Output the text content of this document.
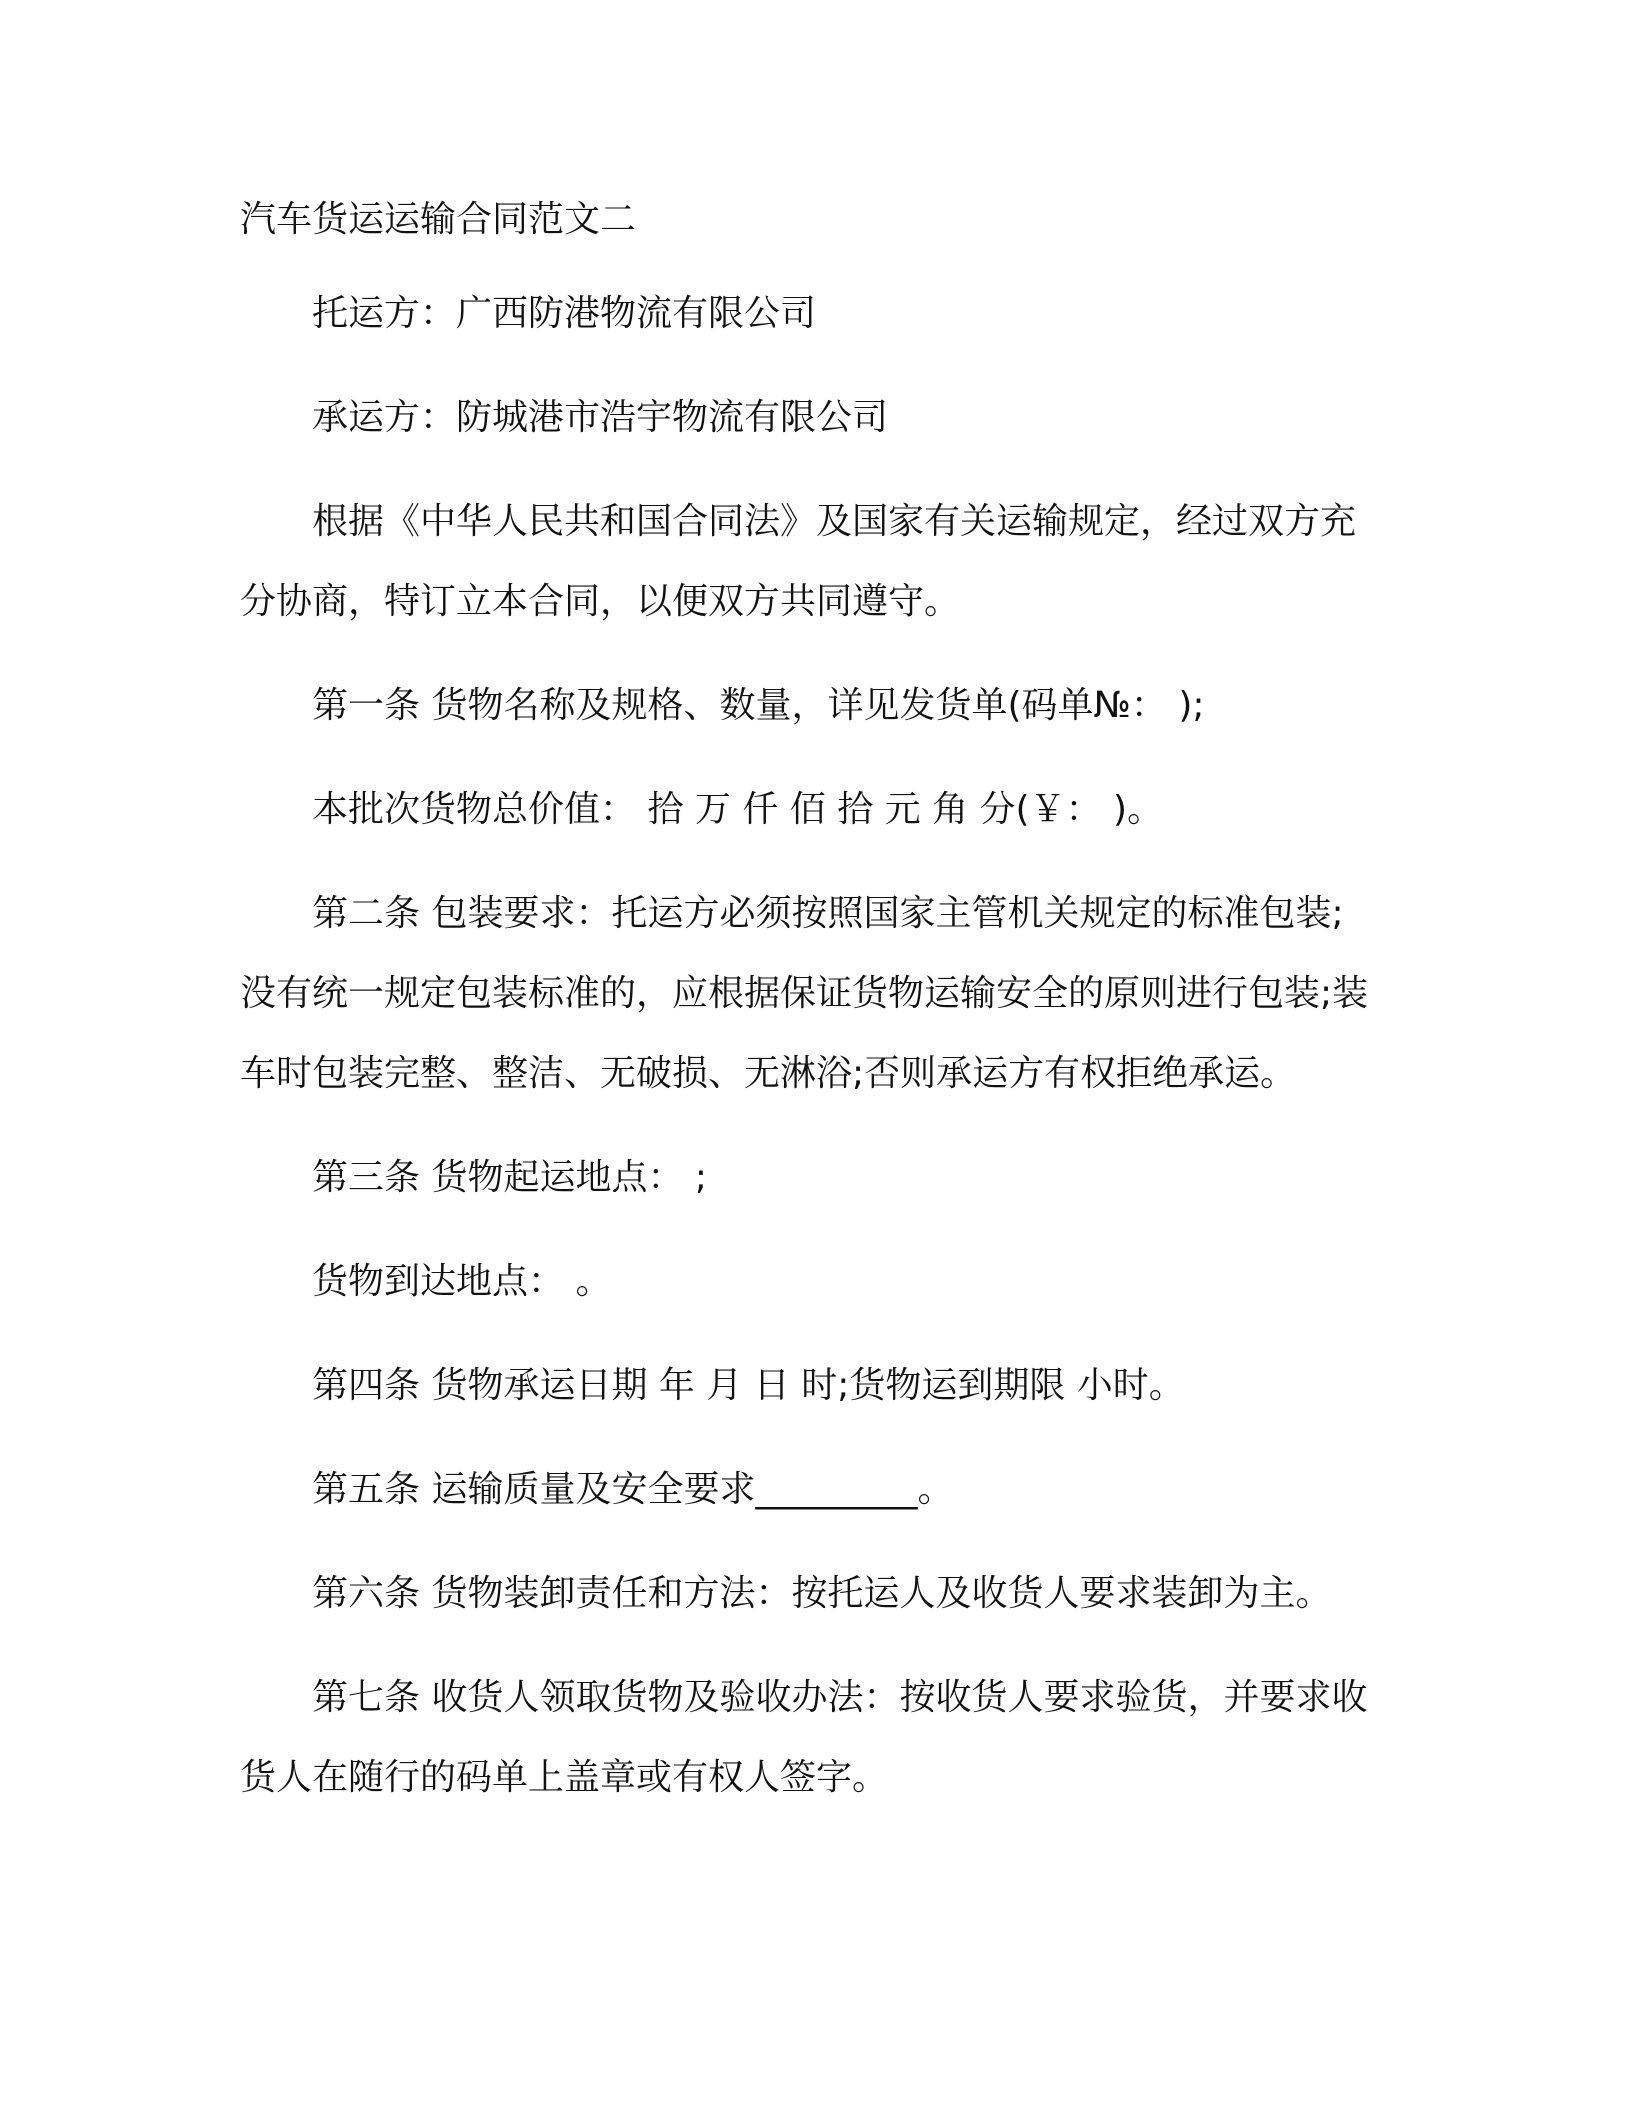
汽车货运运输合同范文二

托运方：广西防港物流有限公司

承运方：防城港市浩宇物流有限公司

根据《中华人民共和国合同法》及国家有关运输规定，经过双方充分协商，特订立本合同，以便双方共同遵守。

第一条 货物名称及规格、数量，详见发货单(码单№： );

本批次货物总价值： 拾 万 仟 佰 拾 元 角 分(￥： )。

第二条 包装要求：托运方必须按照国家主管机关规定的标准包装;没有统一规定包装标准的，应根据保证货物运输安全的原则进行包装;装车时包装完整、整洁、无破损、无淋浴;否则承运方有权拒绝承运。

第三条 货物起运地点： ;

货物到达地点： 。

第四条 货物承运日期 年 月 日 时;货物运到期限 小时。

第五条 运输质量及安全要求_________。

第六条 货物装卸责任和方法：按托运人及收货人要求装卸为主。

第七条 收货人领取货物及验收办法：按收货人要求验货，并要求收货人在随行的码单上盖章或有权人签字。
